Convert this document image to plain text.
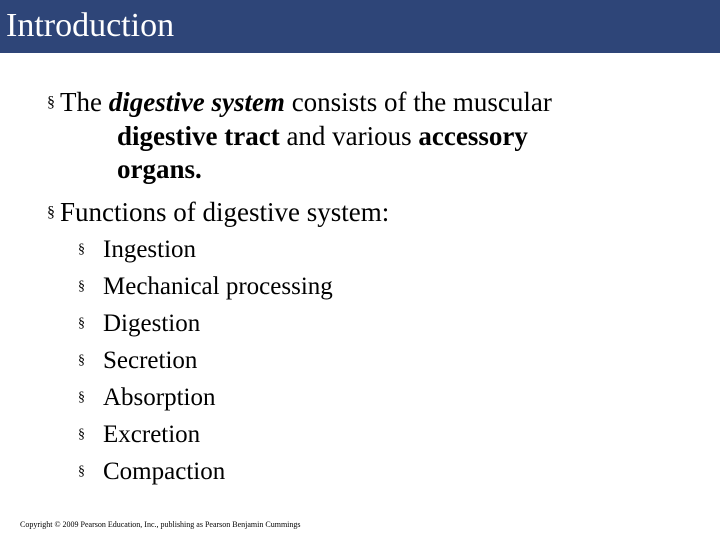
Introduction
§ The digestive system consists of the muscular
digestive tract and various accessory
organs.
§ Functions of digestive system:
§ Ingestion
§ Mechanical processing
§ Digestion
§ Secretion
§ Absorption
§ Excretion
§ Compaction
Copyright © 2009 Pearson Education, Inc., publishing as Pearson Benjamin Cummings
